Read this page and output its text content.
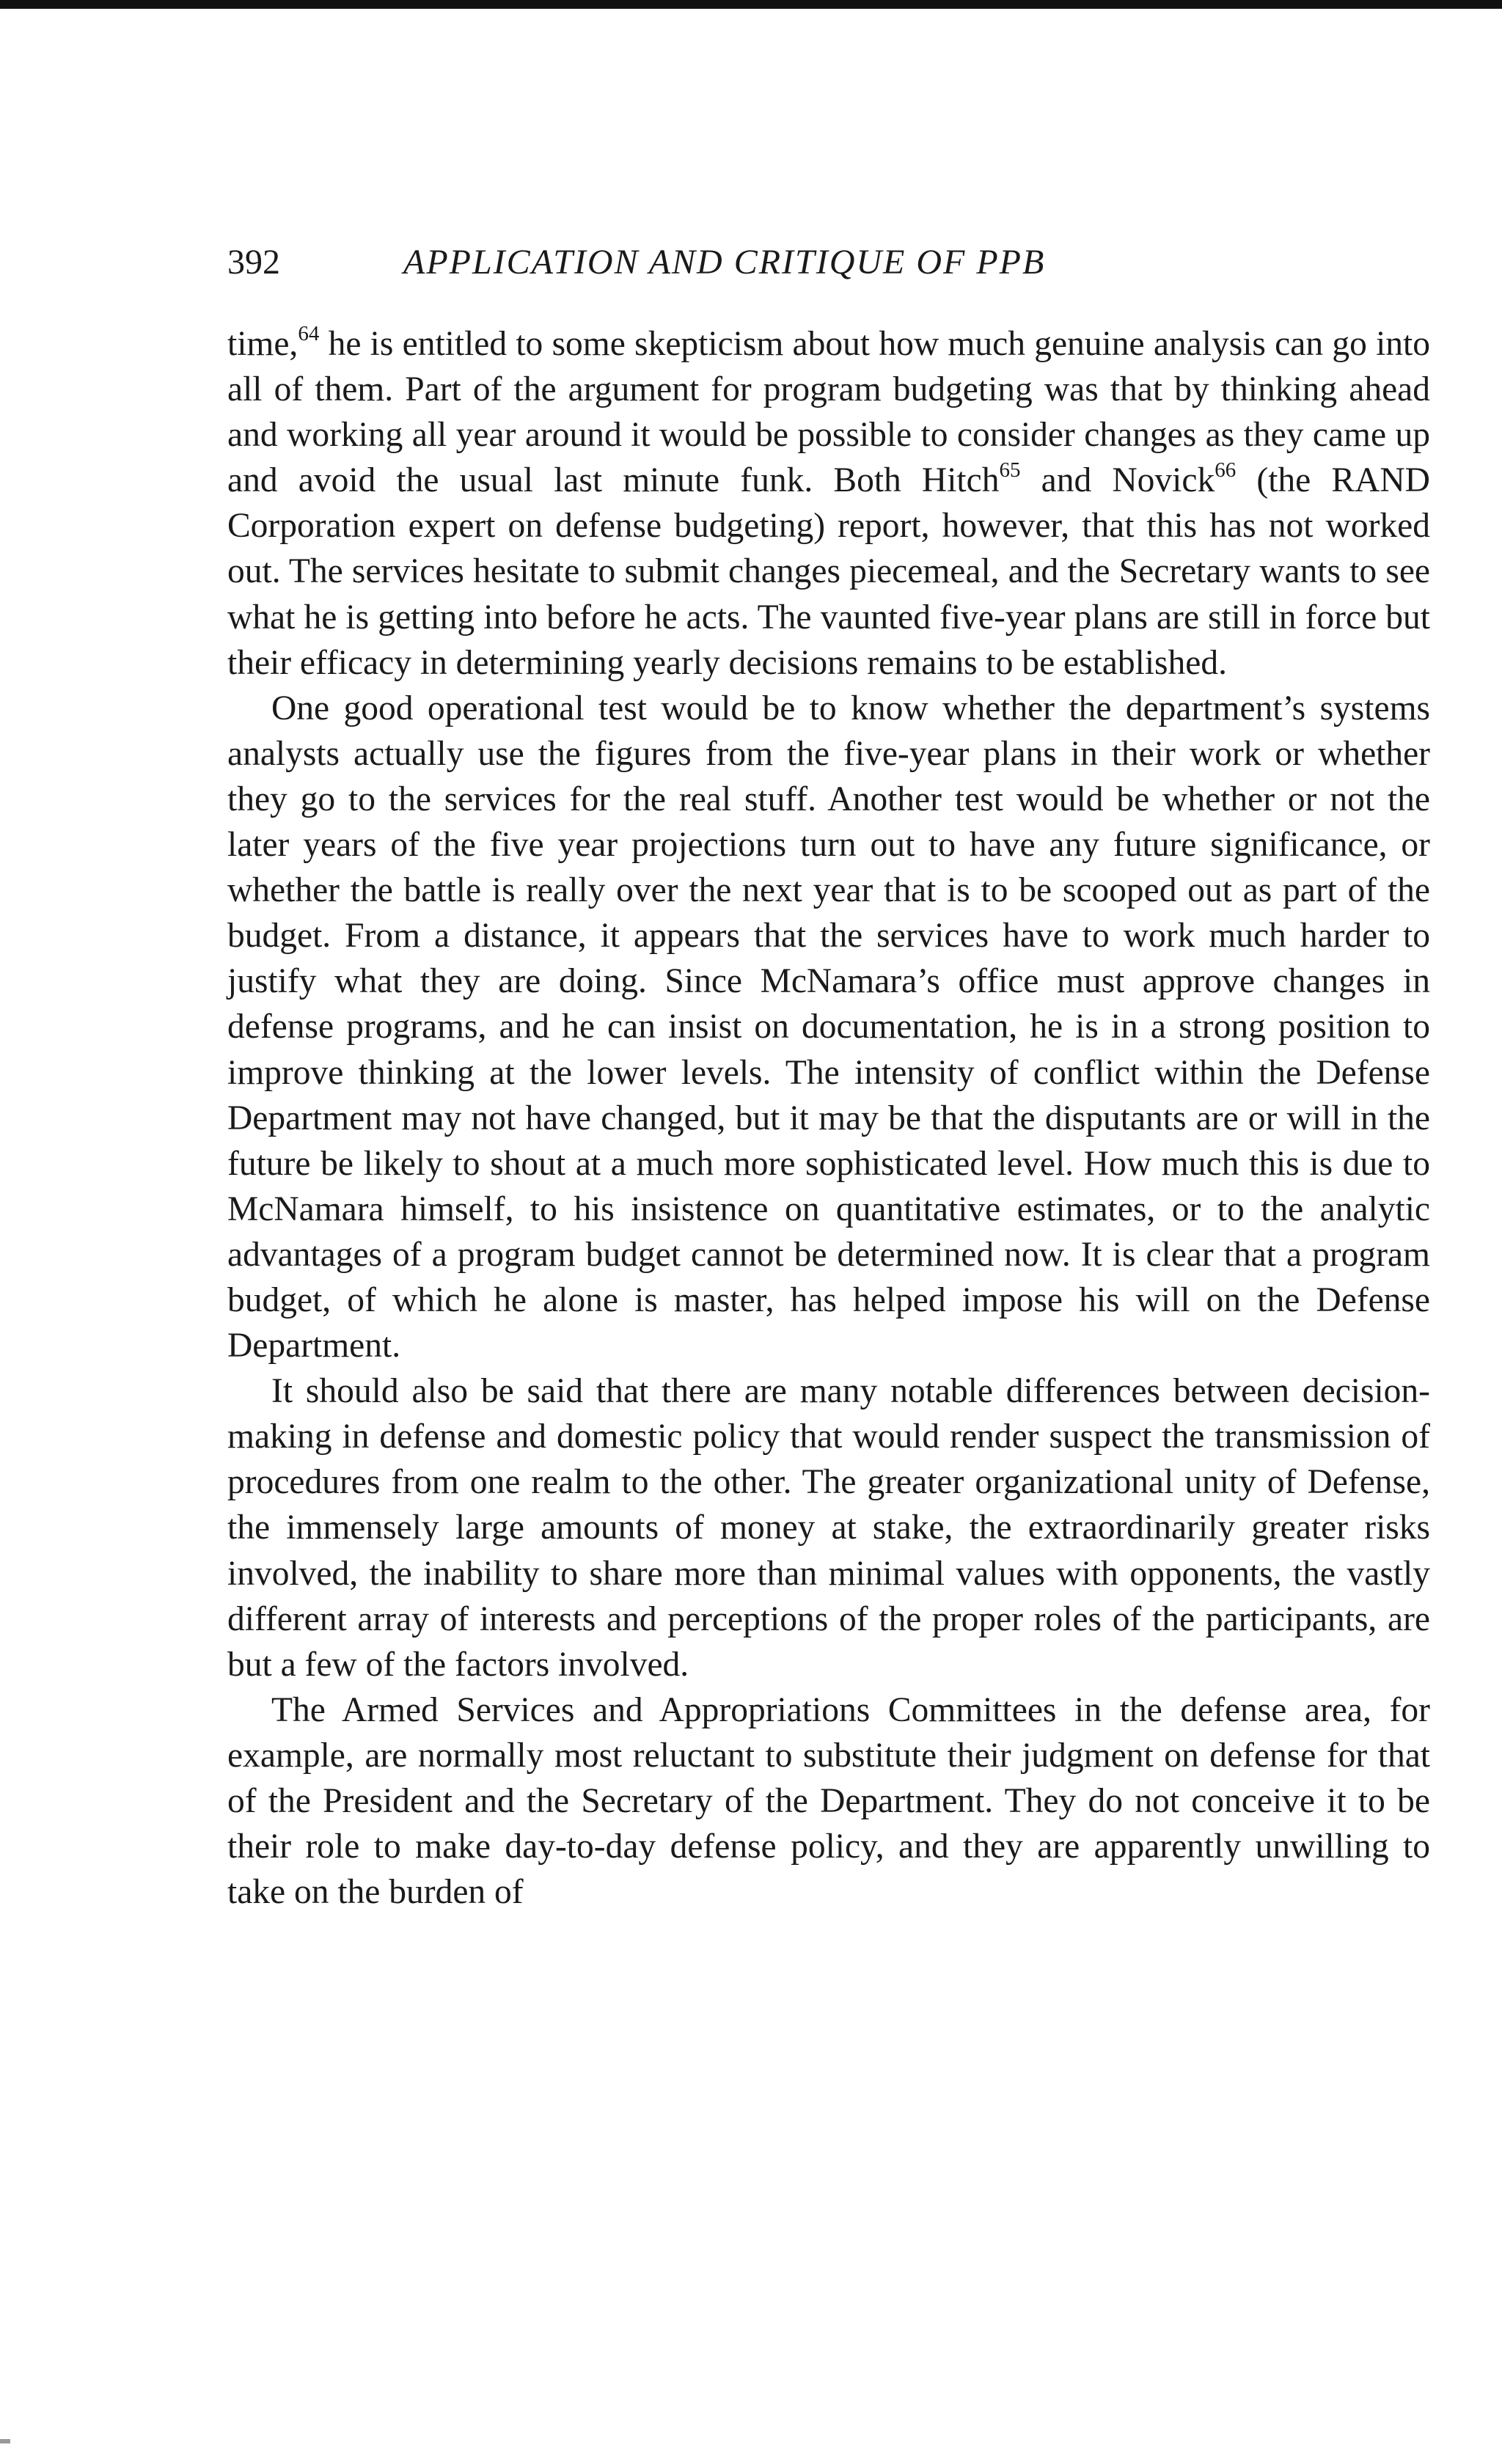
392	APPLICATION AND CRITIQUE OF PPB

time,$^{64}$ he is entitled to some skepticism about how much genuine analysis can go into all of them. Part of the argument for program budgeting was that by thinking ahead and working all year around it would be possible to consider changes as they came up and avoid the usual last minute funk. Both Hitch$^{65}$ and Novick$^{66}$ (the RAND Corporation expert on defense budgeting) report, however, that this has not worked out. The services hesitate to submit changes piecemeal, and the Secretary wants to see what he is getting into before he acts. The vaunted five-year plans are still in force but their efficacy in determining yearly decisions remains to be established.

One good operational test would be to know whether the department’s systems analysts actually use the figures from the five-year plans in their work or whether they go to the services for the real stuff. Another test would be whether or not the later years of the five year projections turn out to have any future significance, or whether the battle is really over the next year that is to be scooped out as part of the budget. From a distance, it appears that the services have to work much harder to justify what they are doing. Since McNamara’s office must approve changes in defense programs, and he can insist on documentation, he is in a strong position to improve thinking at the lower levels. The intensity of conflict within the Defense Department may not have changed, but it may be that the disputants are or will in the future be likely to shout at a much more sophisticated level. How much this is due to McNamara himself, to his insistence on quantitative estimates, or to the analytic advantages of a program budget cannot be determined now. It is clear that a program budget, of which he alone is master, has helped impose his will on the Defense Department.

It should also be said that there are many notable differences between decision-making in defense and domestic policy that would render suspect the transmission of procedures from one realm to the other. The greater organizational unity of Defense, the immensely large amounts of money at stake, the extraordinarily greater risks involved, the inability to share more than minimal values with opponents, the vastly different array of interests and perceptions of the proper roles of the participants, are but a few of the factors involved.

The Armed Services and Appropriations Committees in the defense area, for example, are normally most reluctant to substitute their judgment on defense for that of the President and the Secretary of the Department. They do not conceive it to be their role to make day-to-day defense policy, and they are apparently unwilling to take on the burden of
